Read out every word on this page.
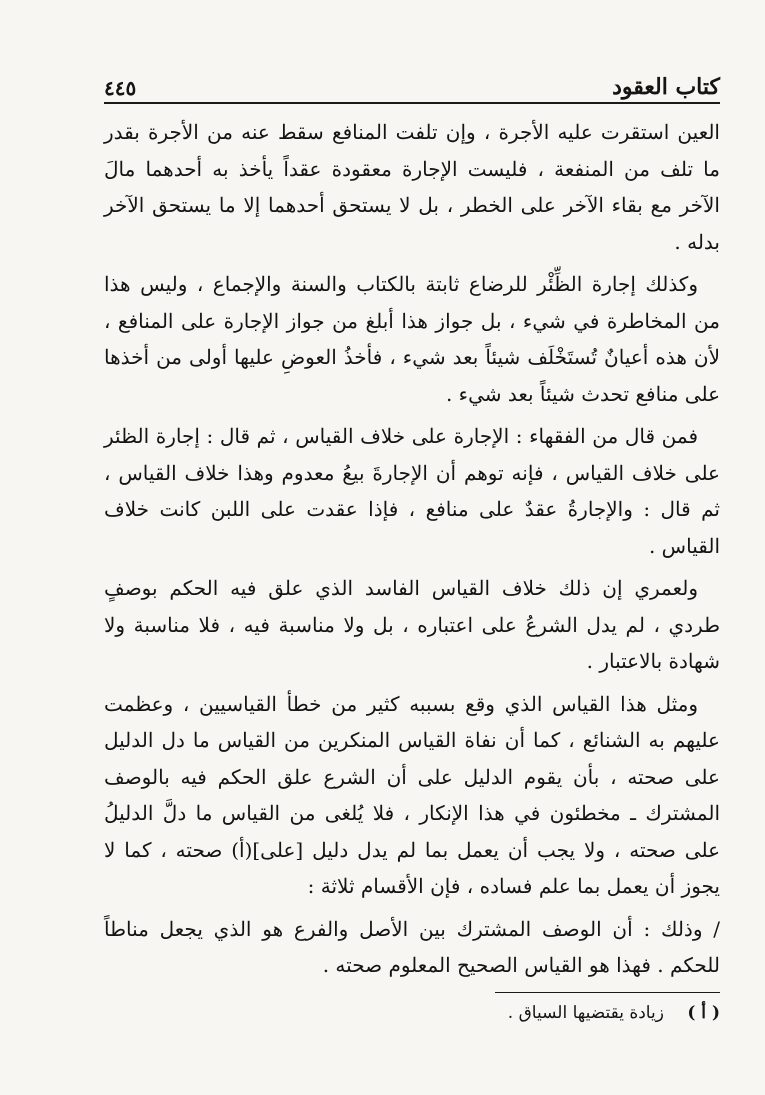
كتاب العقود
٤٤٥

العين استقرت عليه الأجرة ، وإن تلفت المنافع سقط عنه من الأجرة بقدر ما تلف من المنفعة ، فليست الإجارة معقودة عقداً يأخذ به أحدهما مالَ الآخر مع بقاء الآخر على الخطر ، بل لا يستحق أحدهما إلا ما يستحق الآخر بدله .

وكذلك إجارة الظِّئْر للرضاع ثابتة بالكتاب والسنة والإجماع ، وليس هذا من المخاطرة في شيء ، بل جواز هذا أبلغ من جواز الإجارة على المنافع ، لأن هذه أعيانٌ تُستَخْلَف شيئاً بعد شيء ، فأخذُ العوضِ عليها أولى من أخذها على منافع تحدث شيئاً بعد شيء .

فمن قال من الفقهاء : الإجارة على خلاف القياس ، ثم قال : إجارة الظئر على خلاف القياس ، فإنه توهم أن الإجارةَ بيعُ معدوم وهذا خلاف القياس ، ثم قال : والإجارةُ عقدٌ على منافع ، فإذا عقدت على اللبن كانت خلاف القياس .

ولعمري إن ذلك خلاف القياس الفاسد الذي علق فيه الحكم بوصفٍ طردي ، لم يدل الشرعُ على اعتباره ، بل ولا مناسبة فيه ، فلا مناسبة ولا شهادة بالاعتبار .

ومثل هذا القياس الذي وقع بسببه كثير من خطأ القياسيين ، وعظمت عليهم به الشنائع ، كما أن نفاة القياس المنكرين من القياس ما دل الدليل على صحته ، بأن يقوم الدليل على أن الشرع علق الحكم فيه بالوصف المشترك ـ مخطئون في هذا الإنكار ، فلا يُلغى من القياس ما دلَّ الدليلُ على صحته ، ولا يجب أن يعمل بما لم يدل دليل [على](أ) صحته ، كما لا يجوز أن يعمل بما علم فساده ، فإن الأقسام ثلاثة :

/ وذلك : أن الوصف المشترك بين الأصل والفرع هو الذي يجعل مناطاً للحكم . فهذا هو القياس الصحيح المعلوم صحته .

( أ ) زيادة يقتضيها السياق .
